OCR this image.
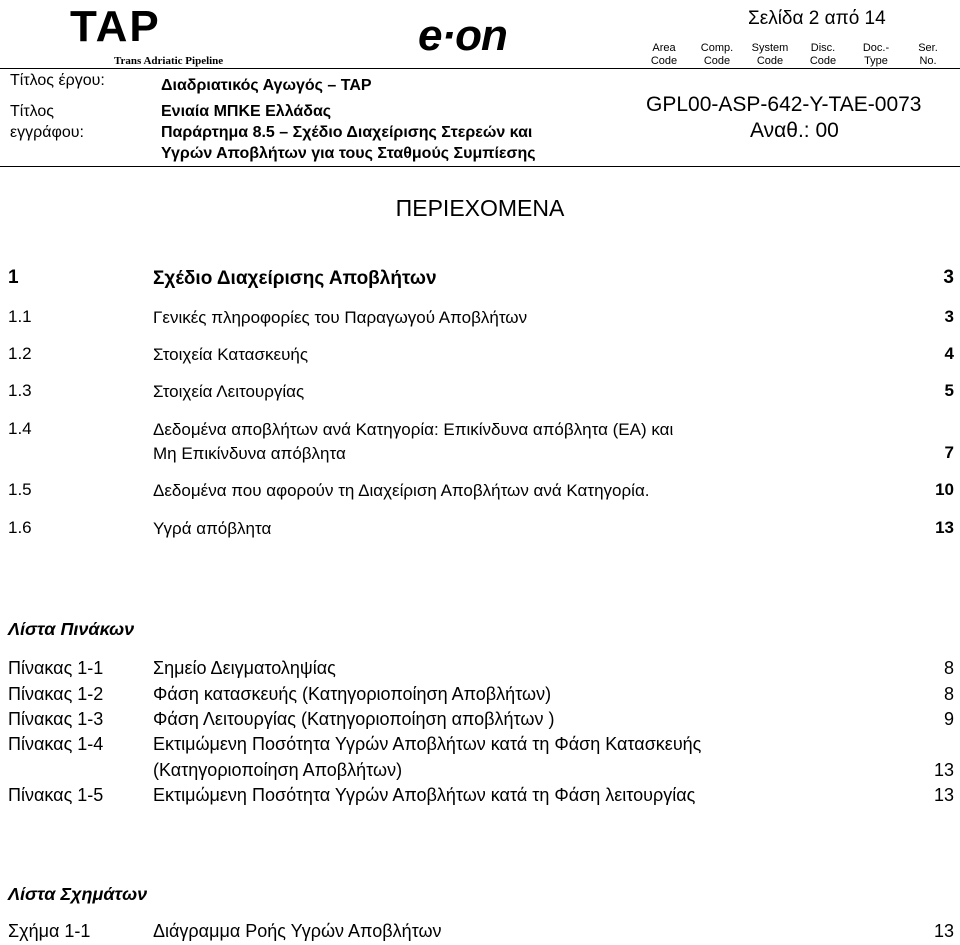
TAP
Trans Adriatic Pipeline
e·on	Σελίδα 2 από 14
Area
Code
Comp.
Code
System
Code
Disc.
Code
Doc.-
Type
Ser.
No.
Τίτλος έργου:	Διαδριατικός Αγωγός – TAP
Τίτλος
εγγράφου:
Ενιαία ΜΠΚΕ Ελλάδας
Παράρτημα 8.5 – Σχέδιο Διαχείρισης Στερεών και
Υγρών Αποβλήτων για τους Σταθμούς Συμπίεσης
GPL00-ASP-642-Y-TAE-0073
Αναθ.: 00
ΠΕΡΙΕΧΟΜΕΝΑ
1	Σχέδιο Διαχείρισης Αποβλήτων	3
1.1	Γενικές πληροφορίες του Παραγωγού Αποβλήτων	3
1.2	Στοιχεία Κατασκευής	4
1.3	Στοιχεία Λειτουργίας	5
1.4	Δεδομένα αποβλήτων ανά Κατηγορία: Επικίνδυνα απόβλητα (ΕΑ) και
Μη Επικίνδυνα απόβλητα	7
1.5	Δεδομένα που αφορούν τη Διαχείριση Αποβλήτων ανά Κατηγορία.	10
1.6	Υγρά απόβλητα	13
Λίστα Πινάκων
Πίνακας 1-1	Σημείο Δειγματοληψίας	8
Πίνακας 1-2	Φάση κατασκευής (Κατηγοριοποίηση Αποβλήτων)	8
Πίνακας 1-3	Φάση Λειτουργίας (Κατηγοριοποίηση αποβλήτων )	9
Πίνακας 1-4	Εκτιμώμενη Ποσότητα Υγρών Αποβλήτων κατά τη Φάση Κατασκευής
(Κατηγοριοποίηση Αποβλήτων)	13
Πίνακας 1-5	Εκτιμώμενη Ποσότητα Υγρών Αποβλήτων κατά τη Φάση λειτουργίας	13
Λίστα Σχημάτων
Σχήμα 1-1	Διάγραμμα Ροής Υγρών Αποβλήτων	13
